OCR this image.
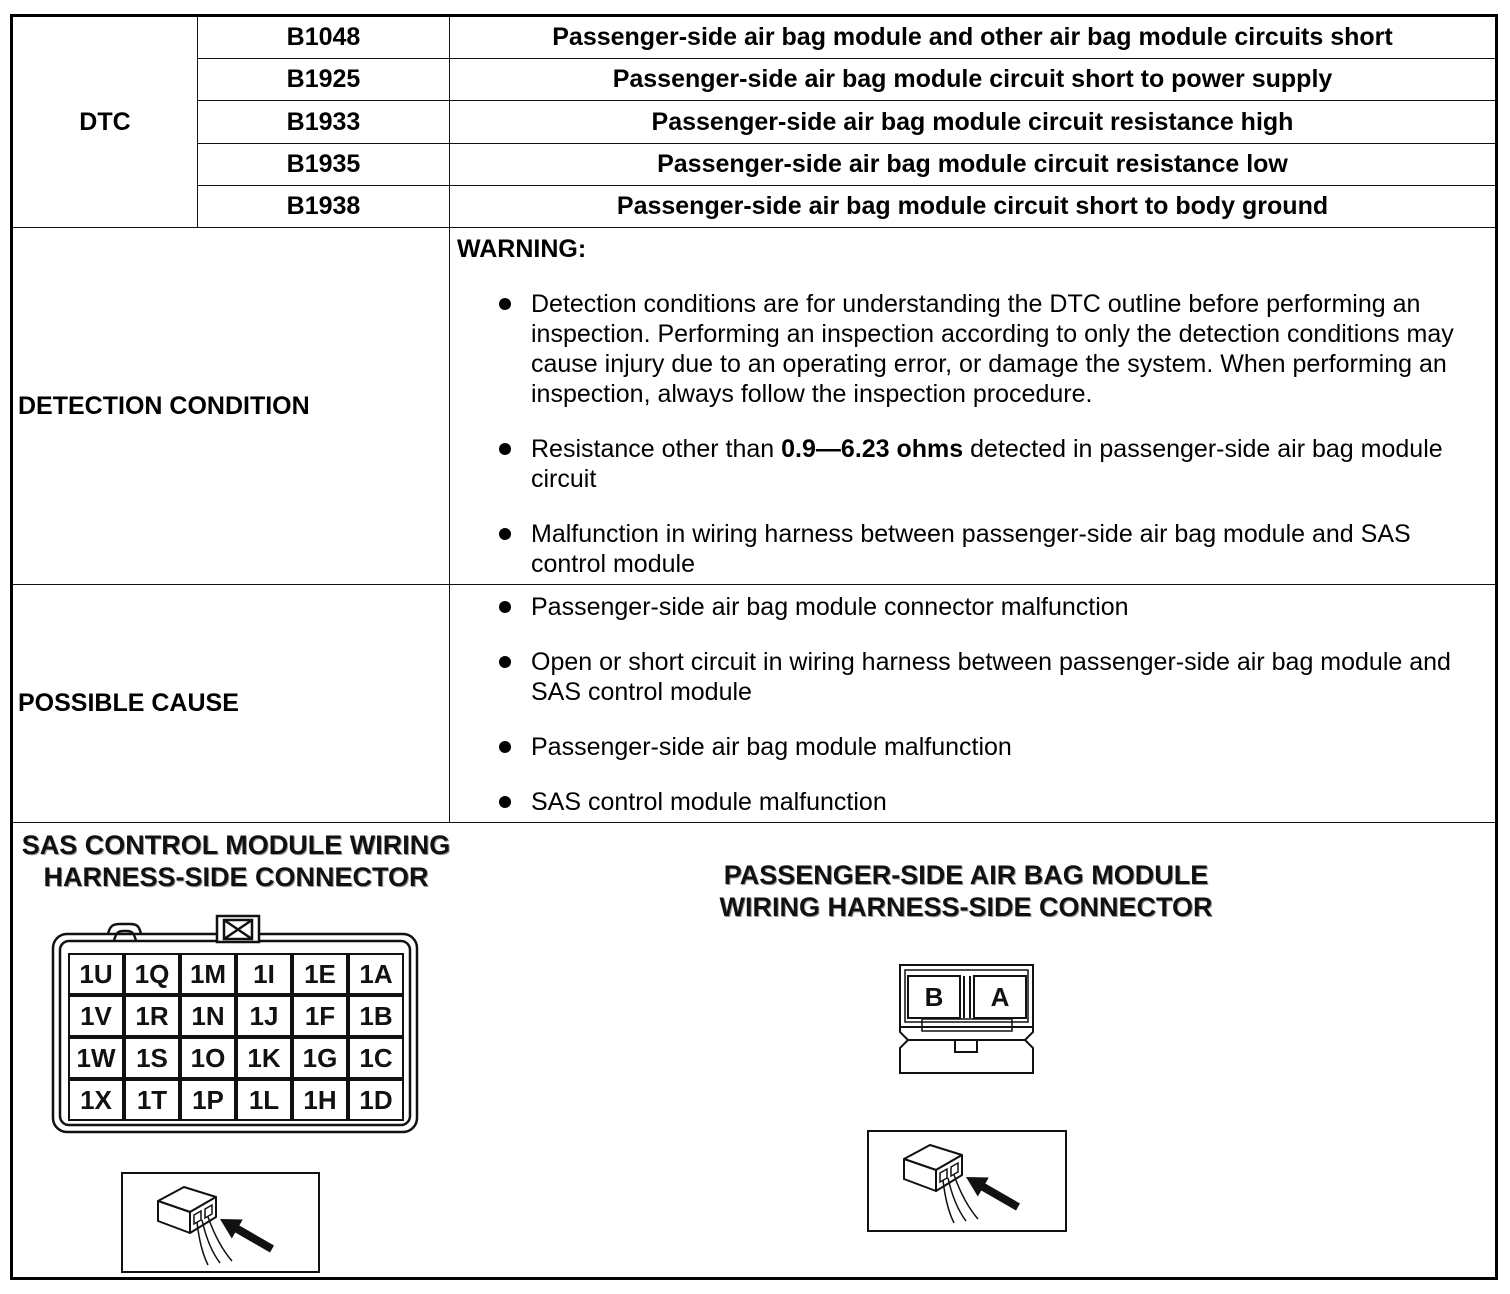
DTC
B1048	Passenger-side air bag module and other air bag module circuits short
B1925	Passenger-side air bag module circuit short to power supply
B1933	Passenger-side air bag module circuit resistance high
B1935	Passenger-side air bag module circuit resistance low
B1938	Passenger-side air bag module circuit short to body ground
DETECTION CONDITION
WARNING:
Detection conditions are for understanding the DTC outline before performing an
inspection. Performing an inspection according to only the detection conditions may
cause injury due to an operating error, or damage the system. When performing an
inspection, always follow the inspection procedure.
Resistance other than 0.9—6.23 ohms detected in passenger-side air bag module
circuit
Malfunction in wiring harness between passenger-side air bag module and SAS
control module
POSSIBLE CAUSE
Passenger-side air bag module connector malfunction
Open or short circuit in wiring harness between passenger-side air bag module and
SAS control module
Passenger-side air bag module malfunction
SAS control module malfunction
SAS CONTROL MODULE WIRING
HARNESS-SIDE CONNECTOR
1U 1Q 1M	1I	1E 1A
1V 1R 1N 1J	1F 1B
1W 1S 1O 1K 1G 1C
1X 1T 1P 1L 1H 1D
PASSENGER-SIDE AIR BAG MODULE
WIRING HARNESS-SIDE CONNECTOR
B	A
